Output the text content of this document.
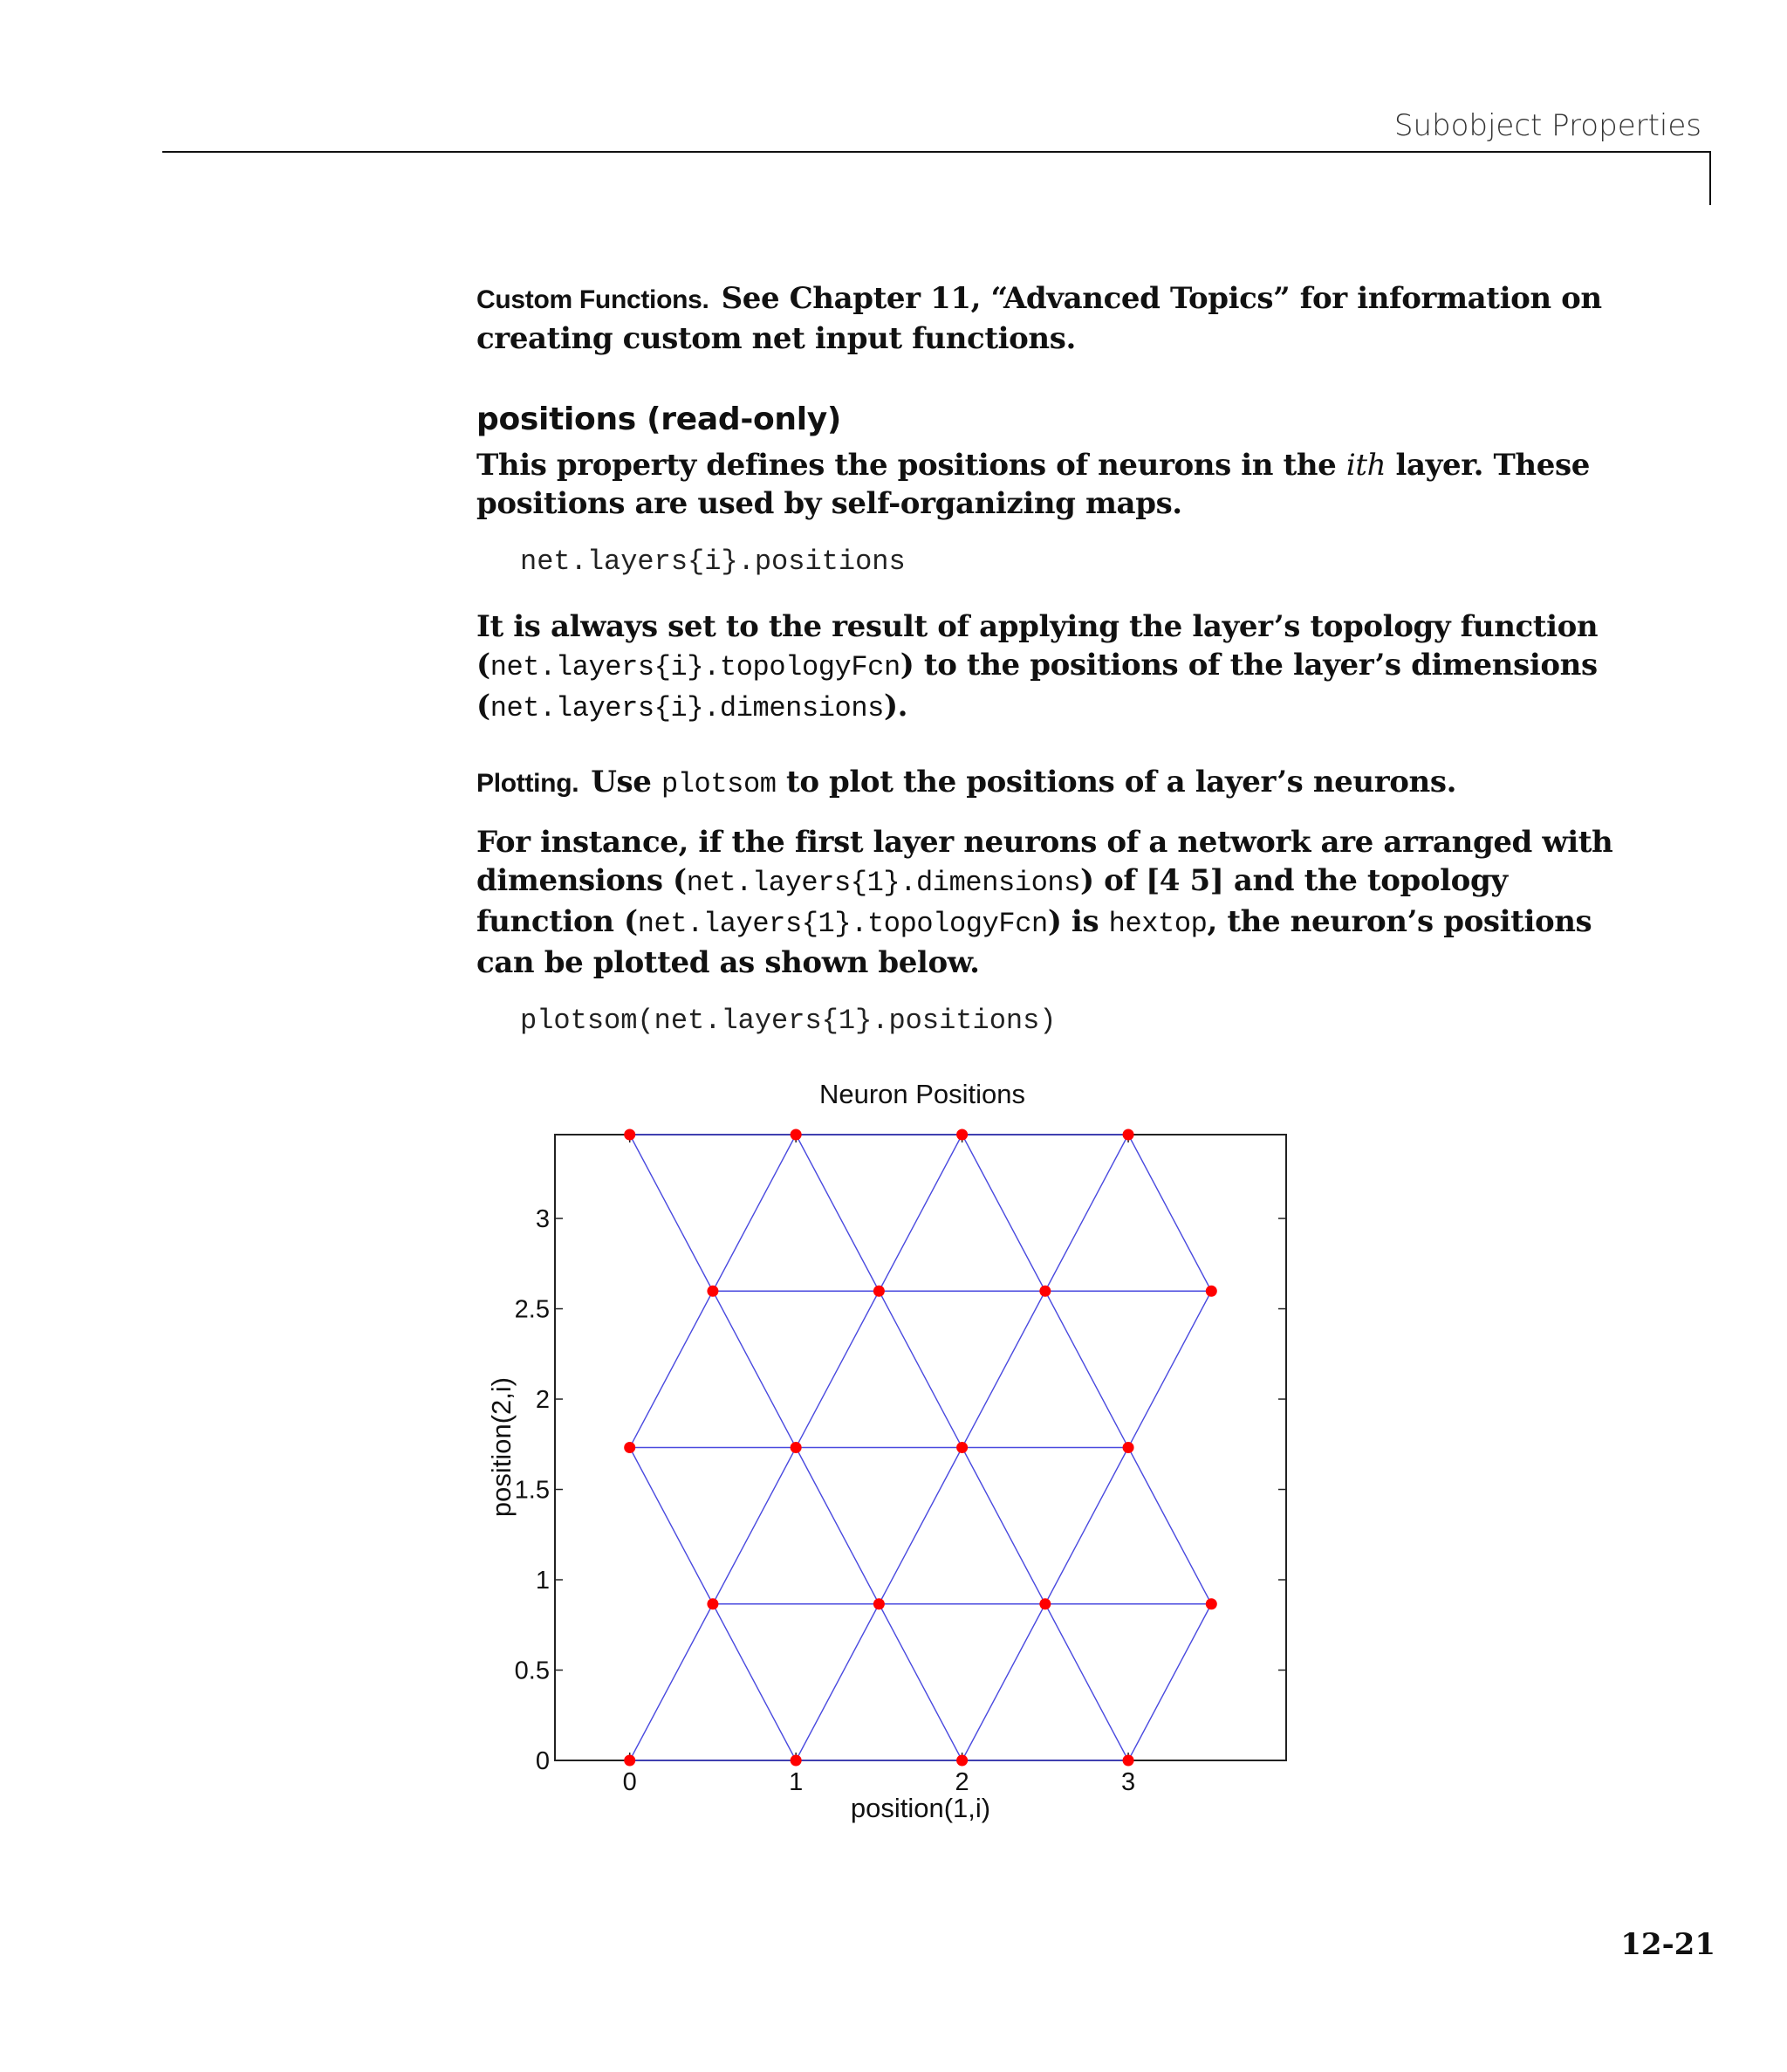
Subobject Properties

Custom Functions. See Chapter 11, “Advanced Topics” for information on creating custom net input functions.

positions (read-only)

This property defines the positions of neurons in the ith layer. These positions are used by self-organizing maps.

net.layers{i}.positions

It is always set to the result of applying the layer’s topology function (net.layers{i}.topologyFcn) to the positions of the layer’s dimensions (net.layers{i}.dimensions).

Plotting. Use plotsom to plot the positions of a layer’s neurons.

For instance, if the first layer neurons of a network are arranged with dimensions (net.layers{1}.dimensions) of [4 5] and the topology function (net.layers{1}.topologyFcn) is hextop, the neuron’s positions can be plotted as shown below.

plotsom(net.layers{1}.positions)
Neuron Positions
0
0.5
1
1.5
2
2.5
3
0	1	2	3
position(1,i)
position(2,i)
12-21
